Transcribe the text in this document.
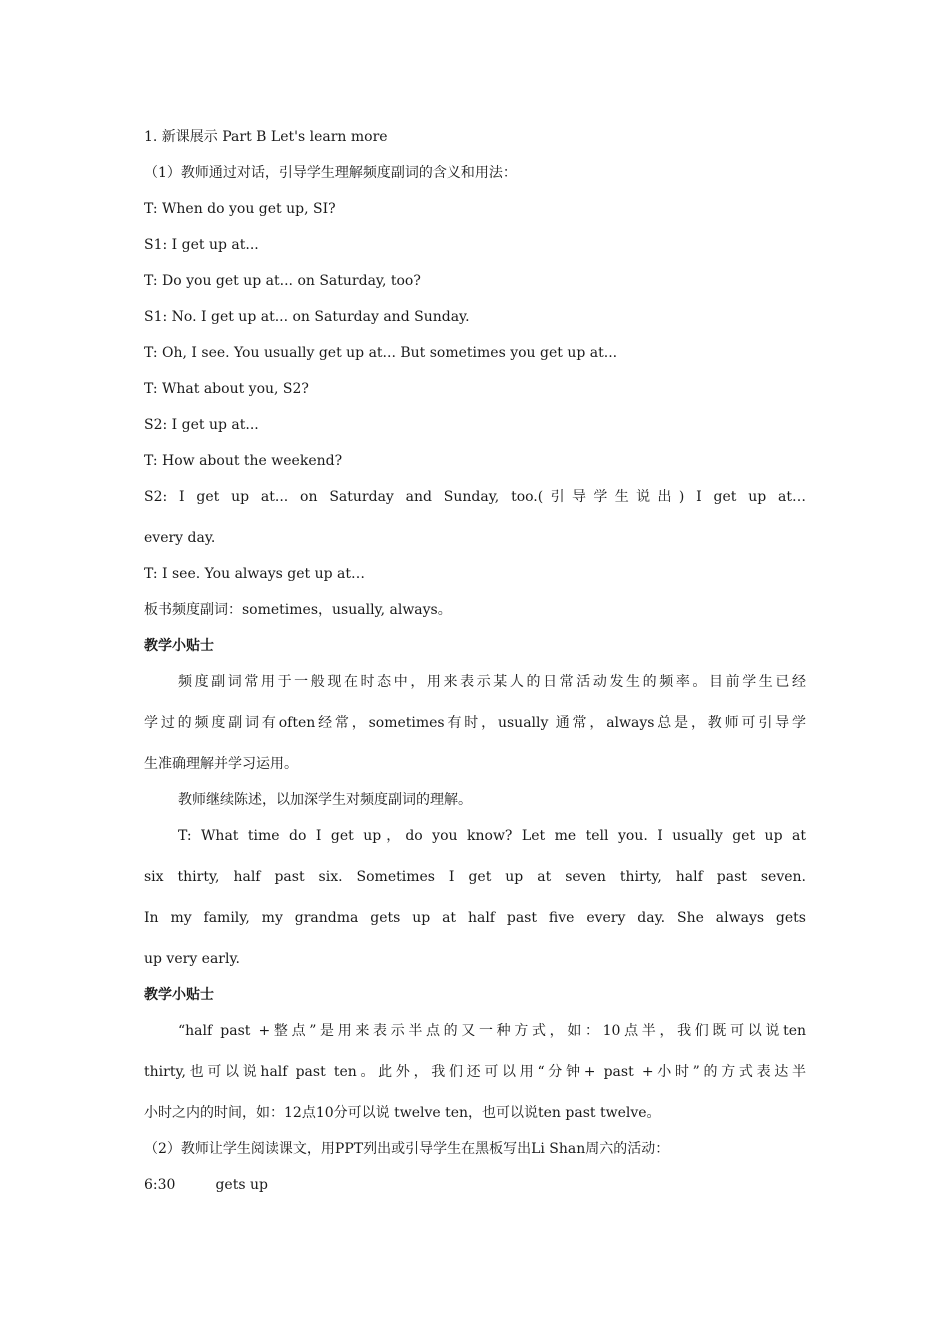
1. 新课展示 Part B Let's learn more

（1）教师通过对话，引导学生理解频度副词的含义和用法：

T: When do you get up, SI?

S1: I get up at...

T: Do you get up at... on Saturday, too?

S1: No. I get up at... on Saturday and Sunday.

T: Oh, I see. You usually get up at... But sometimes you get up at...

T: What about you, S2?

S2: I get up at...

T: How about the weekend?

S2: I get up at... on Saturday and Sunday, too.(引导学生说出) I get up at…

every day.

T: I see. You always get up at…

板书频度副词：sometimes，usually, always。

教学小贴士

频度副词常用于一般现在时态中，用来表示某人的日常活动发生的频率。目前学生已经

学过的频度副词有often经常，sometimes有时，usually 通常，always总是，教师可引导学

生准确理解并学习运用。

教师继续陈述，以加深学生对频度副词的理解。

T: What time do I get up，do you know? Let me tell you. I usually get up at

six thirty, half past six. Sometimes I get up at seven thirty, half past seven.

In my family, my grandma gets up at half past five every day. She always gets

up very early.

教学小贴士

“half past +整点”是用来表示半点的又一种方式，如：10点半，我们既可以说ten

thirty,也可以说half past ten。此外，我们还可以用“分钟+ past +小时”的方式表达半

小时之内的时间，如：12点10分可以说 twelve ten，也可以说ten past twelve。

（2）教师让学生阅读课文，用PPT列出或引导学生在黑板写出Li Shan周六的活动：

6:30	gets up
